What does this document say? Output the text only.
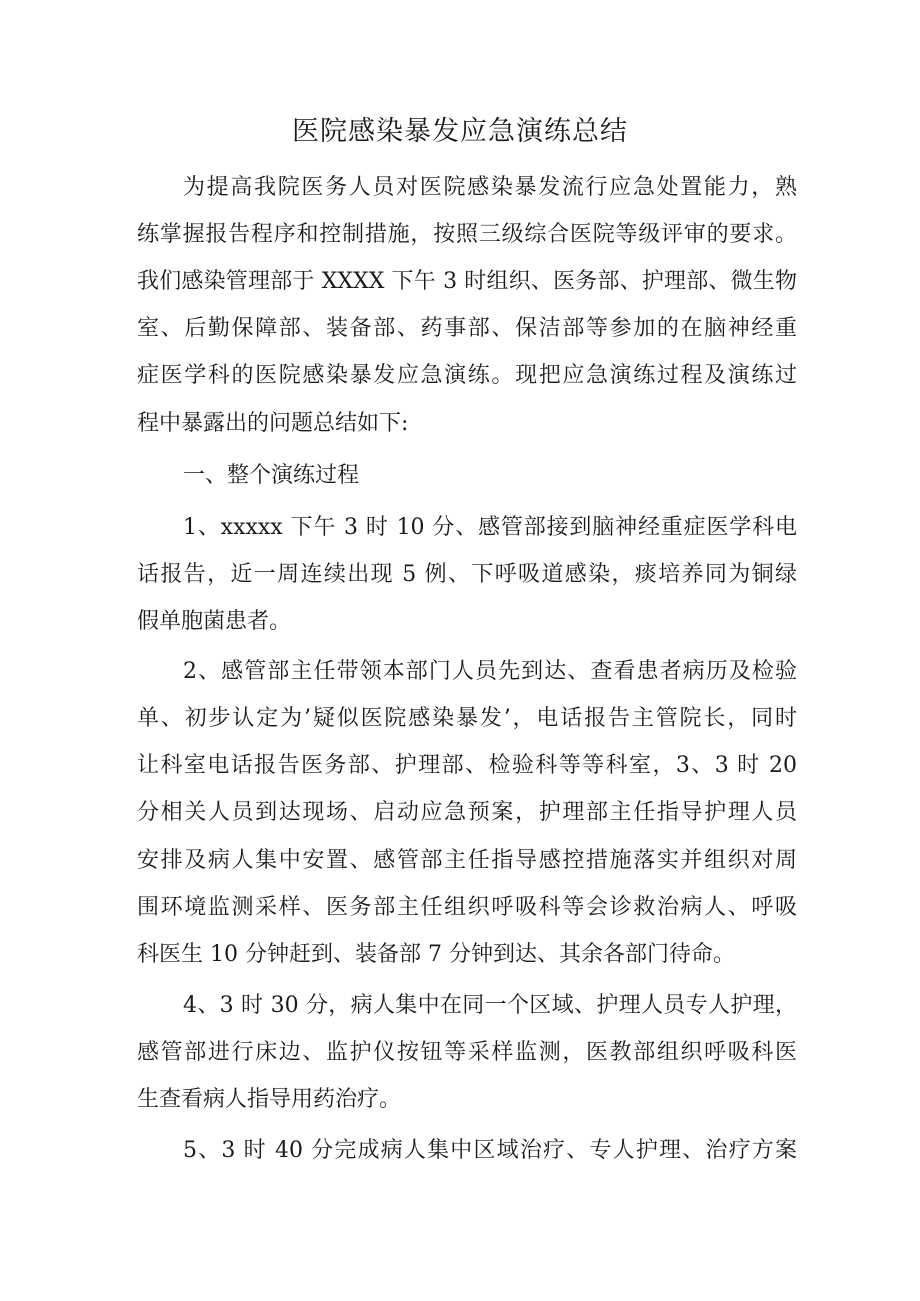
医院感染暴发应急演练总结
为提高我院医务人员对医院感染暴发流行应急处置能力，熟
练掌握报告程序和控制措施，按照三级综合医院等级评审的要求。
我们感染管理部于 XXXX 下午 3 时组织、医务部、护理部、微生物
室、后勤保障部、装备部、药事部、保洁部等参加的在脑神经重
症医学科的医院感染暴发应急演练。现把应急演练过程及演练过
程中暴露出的问题总结如下:
一、整个演练过程
1、xxxxx 下午 3 时 10 分、感管部接到脑神经重症医学科电
话报告，近一周连续出现 5 例、下呼吸道感染，痰培养同为铜绿
假单胞菌患者。
2、感管部主任带领本部门人员先到达、查看患者病历及检验
单、初步认定为’疑似医院感染暴发’，电话报告主管院长，同时
让科室电话报告医务部、护理部、检验科等等科室，3、3 时 20
分相关人员到达现场、启动应急预案，护理部主任指导护理人员
安排及病人集中安置、感管部主任指导感控措施落实并组织对周
围环境监测采样、医务部主任组织呼吸科等会诊救治病人、呼吸
科医生 10 分钟赶到、装备部 7 分钟到达、其余各部门待命。
4、3 时 30 分，病人集中在同一个区域、护理人员专人护理，
感管部进行床边、监护仪按钮等采样监测，医教部组织呼吸科医
生查看病人指导用药治疗。
5、3 时 40 分完成病人集中区域治疗、专人护理、治疗方案
